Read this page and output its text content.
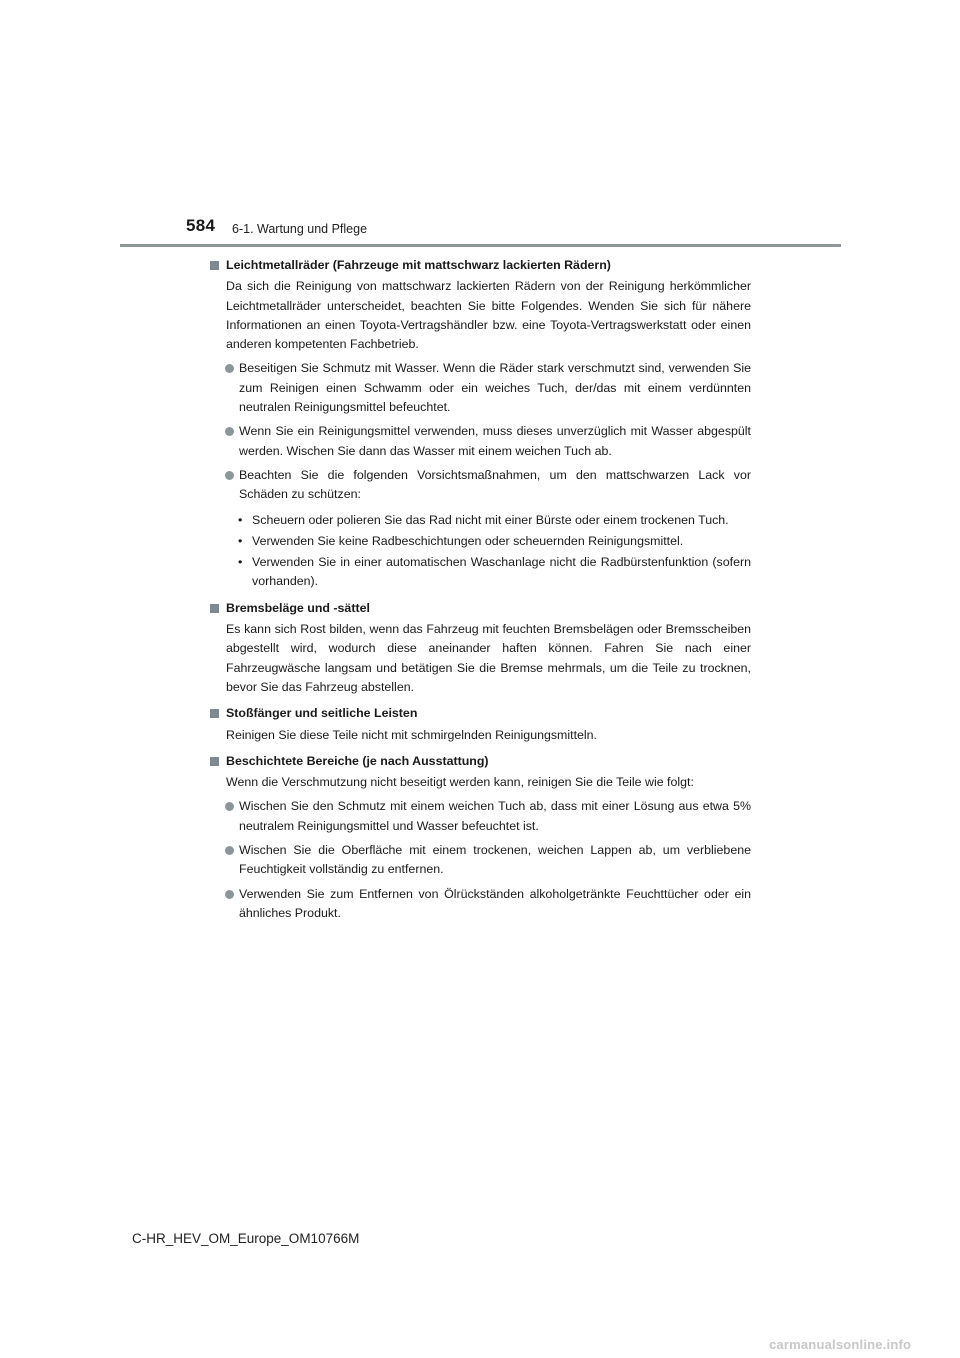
584 6-1. Wartung und Pflege
Leichtmetallräder (Fahrzeuge mit mattschwarz lackierten Rädern)
Da sich die Reinigung von mattschwarz lackierten Rädern von der Reinigung herkömmlicher Leichtmetallräder unterscheidet, beachten Sie bitte Folgendes. Wenden Sie sich für nähere Informationen an einen Toyota-Vertragshändler bzw. eine Toyota-Vertragswerkstatt oder einen anderen kompetenten Fachbetrieb.
Beseitigen Sie Schmutz mit Wasser. Wenn die Räder stark verschmutzt sind, verwenden Sie zum Reinigen einen Schwamm oder ein weiches Tuch, der/das mit einem verdünnten neutralen Reinigungsmittel befeuchtet.
Wenn Sie ein Reinigungsmittel verwenden, muss dieses unverzüglich mit Wasser abgespült werden. Wischen Sie dann das Wasser mit einem weichen Tuch ab.
Beachten Sie die folgenden Vorsichtsmaßnahmen, um den mattschwarzen Lack vor Schäden zu schützen:
• Scheuern oder polieren Sie das Rad nicht mit einer Bürste oder einem trockenen Tuch.
• Verwenden Sie keine Radbeschichtungen oder scheuernden Reinigungsmittel.
• Verwenden Sie in einer automatischen Waschanlage nicht die Radbürstenfunktion (sofern vorhanden).
Bremsbeläge und -sättel
Es kann sich Rost bilden, wenn das Fahrzeug mit feuchten Bremsbelägen oder Bremsscheiben abgestellt wird, wodurch diese aneinander haften können. Fahren Sie nach einer Fahrzeugwäsche langsam und betätigen Sie die Bremse mehrmals, um die Teile zu trocknen, bevor Sie das Fahrzeug abstellen.
Stoßfänger und seitliche Leisten
Reinigen Sie diese Teile nicht mit schmirgelnden Reinigungsmitteln.
Beschichtete Bereiche (je nach Ausstattung)
Wenn die Verschmutzung nicht beseitigt werden kann, reinigen Sie die Teile wie folgt:
Wischen Sie den Schmutz mit einem weichen Tuch ab, dass mit einer Lösung aus etwa 5% neutralem Reinigungsmittel und Wasser befeuchtet ist.
Wischen Sie die Oberfläche mit einem trockenen, weichen Lappen ab, um verbliebene Feuchtigkeit vollständig zu entfernen.
Verwenden Sie zum Entfernen von Ölrückständen alkoholgetränkte Feuchttücher oder ein ähnliches Produkt.
C-HR_HEV_OM_Europe_OM10766M
carmanualsonline.info
